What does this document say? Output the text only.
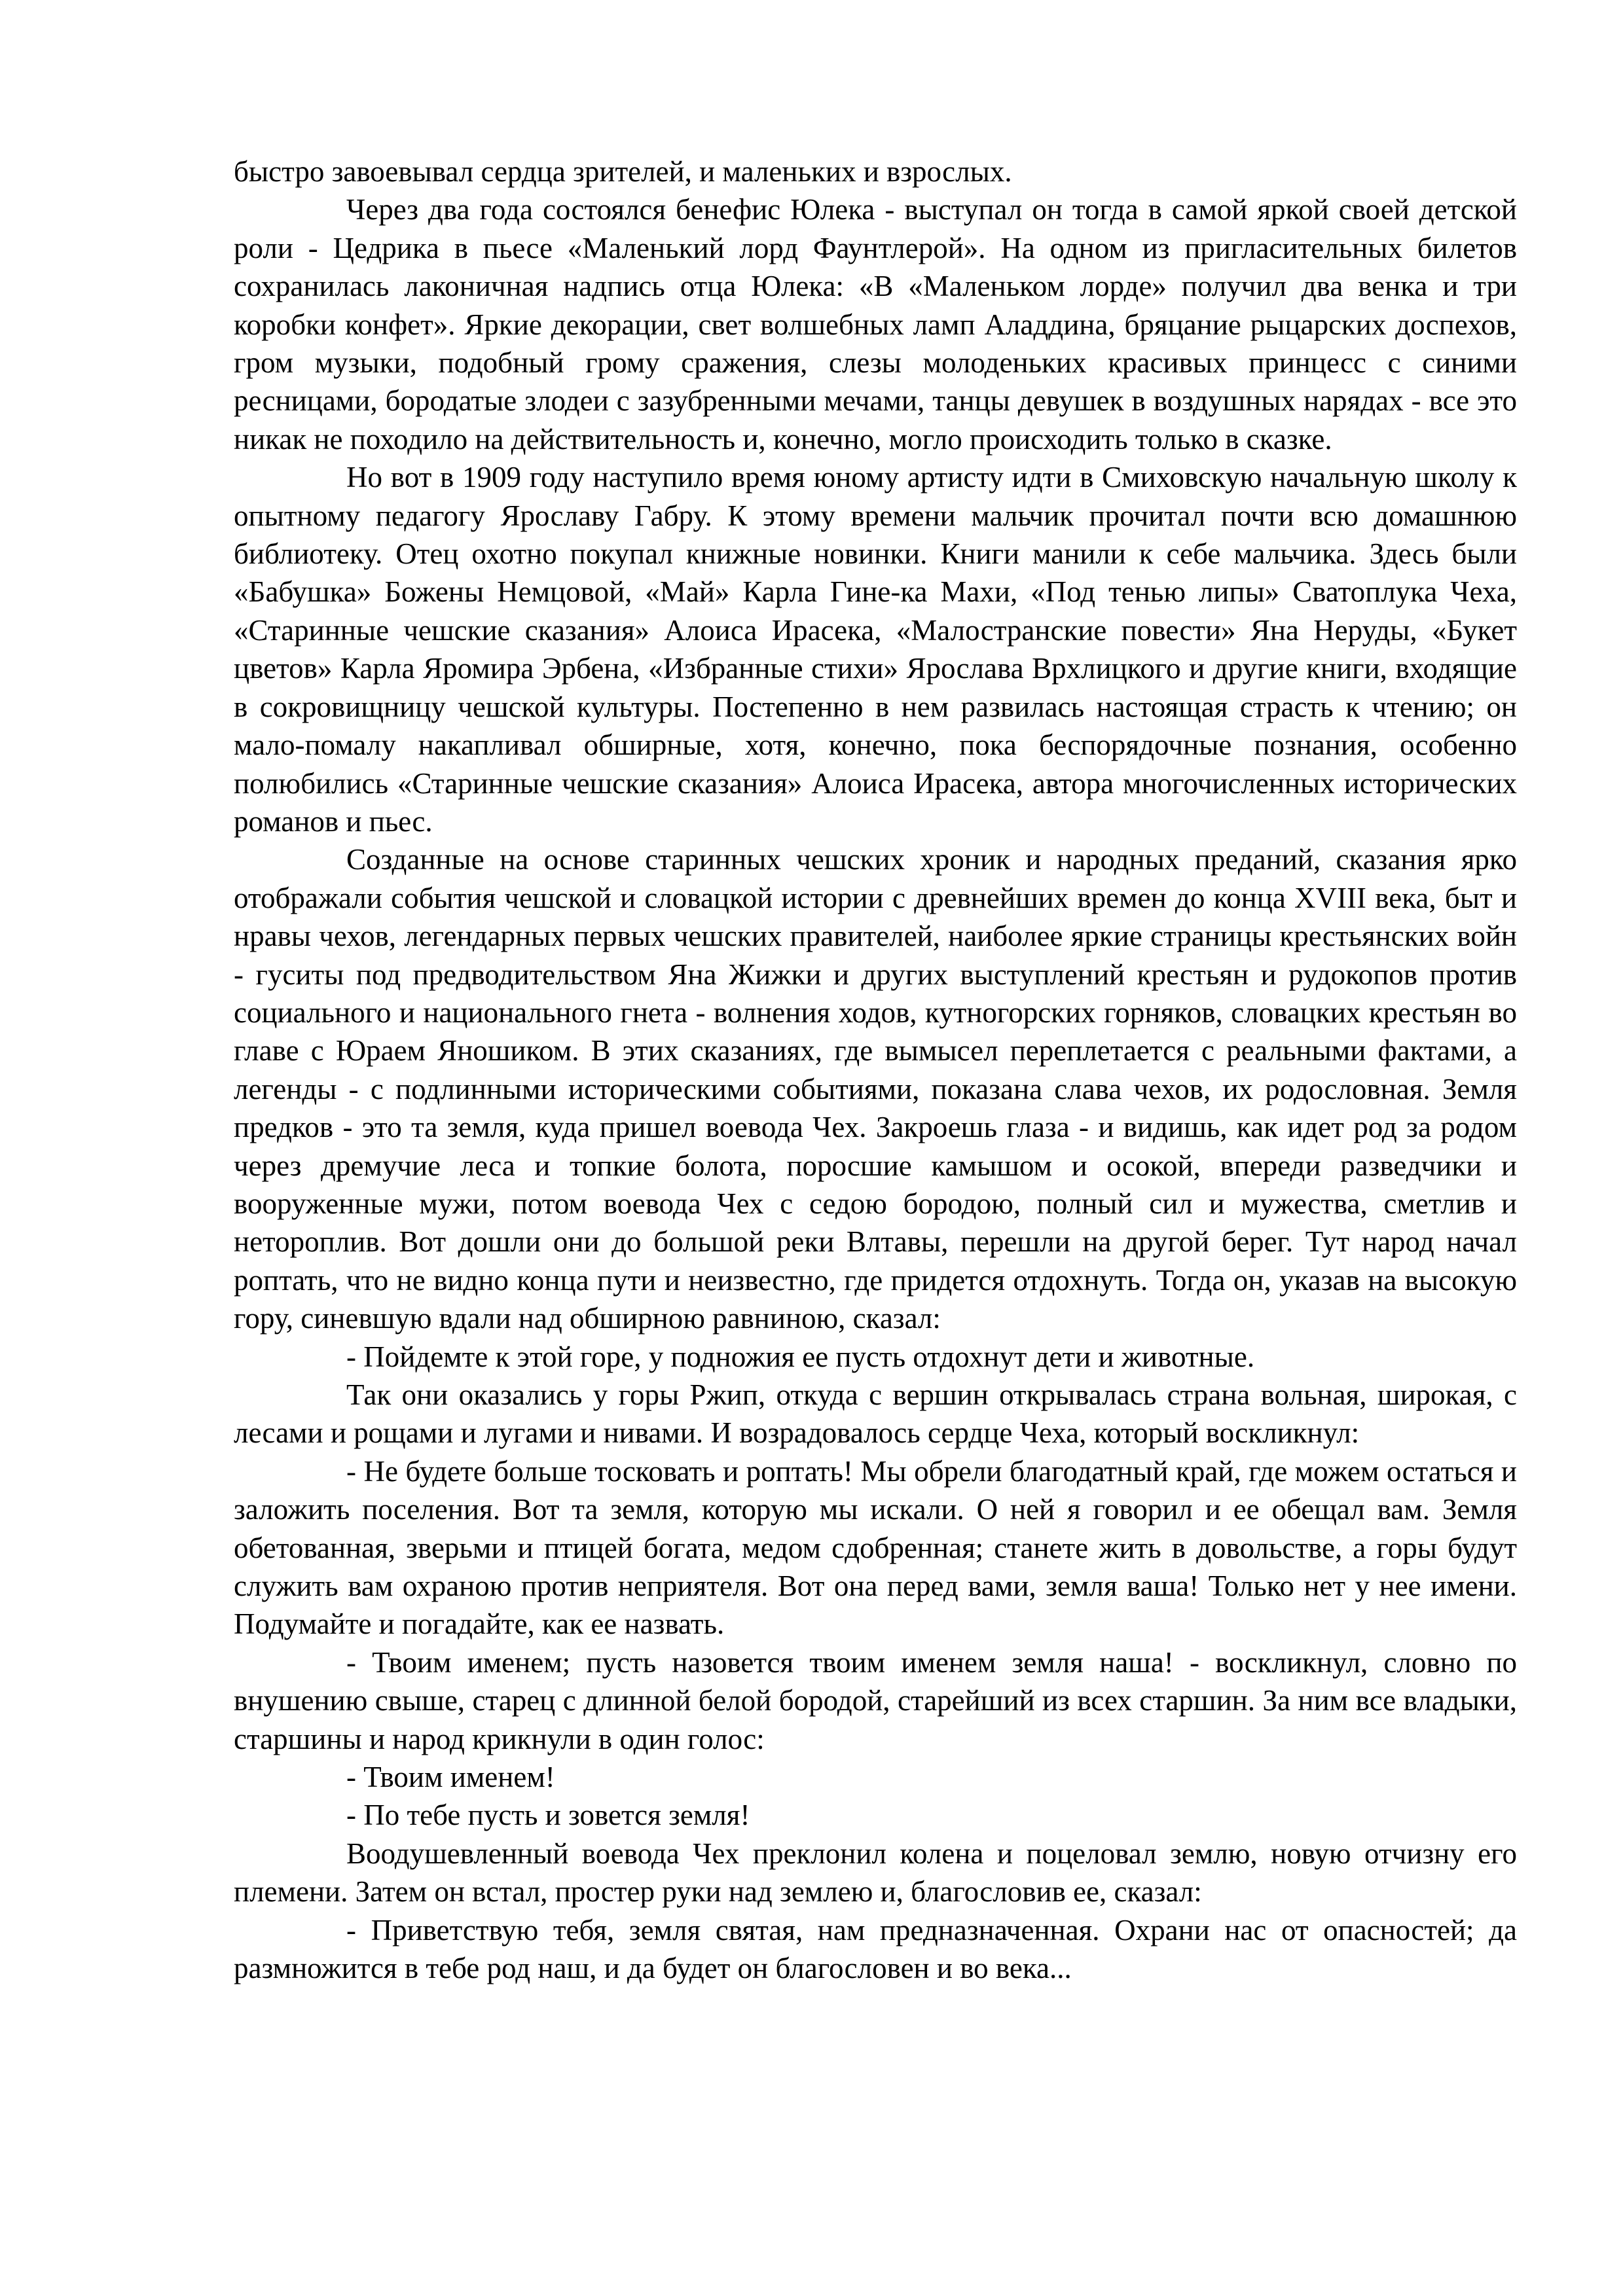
быстро завоевывал сердца зрителей, и маленьких и взрослых.

Через два года состоялся бенефис Юлека - выступал он тогда в самой яркой своей детской роли - Цедрика в пьесе «Маленький лорд Фаунтлерой». На одном из пригласительных билетов сохранилась лаконичная надпись отца Юлека: «В «Маленьком лорде» получил два венка и три коробки конфет». Яркие декорации, свет волшебных ламп Аладдина, бряцание рыцарских доспехов, гром музыки, подобный грому сражения, слезы молоденьких красивых принцесс с синими ресницами, бородатые злодеи с зазубренными мечами, танцы девушек в воздушных нарядах - все это никак не походило на действительность и, конечно, могло происходить только в сказке.

Но вот в 1909 году наступило время юному артисту идти в Смиховскую начальную школу к опытному педагогу Ярославу Габру. К этому времени мальчик прочитал почти всю домашнюю библиотеку. Отец охотно покупал книжные новинки. Книги манили к себе мальчика. Здесь были «Бабушка» Божены Немцовой, «Май» Карла Гине-ка Махи, «Под тенью липы» Сватоплука Чеха, «Старинные чешские сказания» Алоиса Ирасека, «Малостранские повести» Яна Неруды, «Букет цветов» Карла Яромира Эрбена, «Избранные стихи» Ярослава Врхлицкого и другие книги, входящие в сокровищницу чешской культуры. Постепенно в нем развилась настоящая страсть к чтению; он мало-помалу накапливал обширные, хотя, конечно, пока беспорядочные познания, особенно полюбились «Старинные чешские сказания» Алоиса Ирасека, автора многочисленных исторических романов и пьес.

Созданные на основе старинных чешских хроник и народных преданий, сказания ярко отображали события чешской и словацкой истории с древнейших времен до конца XVIII века, быт и нравы чехов, легендарных первых чешских правителей, наиболее яркие страницы крестьянских войн - гуситы под предводительством Яна Жижки и других выступлений крестьян и рудокопов против социального и национального гнета - волнения ходов, кутногорских горняков, словацких крестьян во главе с Юраем Яношиком. В этих сказаниях, где вымысел переплетается с реальными фактами, а легенды - с подлинными историческими событиями, показана слава чехов, их родословная. Земля предков - это та земля, куда пришел воевода Чех. Закроешь глаза - и видишь, как идет род за родом через дремучие леса и топкие болота, поросшие камышом и осокой, впереди разведчики и вооруженные мужи, потом воевода Чех с седою бородою, полный сил и мужества, сметлив и нетороплив. Вот дошли они до большой реки Влтавы, перешли на другой берег. Тут народ начал роптать, что не видно конца пути и неизвестно, где придется отдохнуть. Тогда он, указав на высокую гору, синевшую вдали над обширною равниною, сказал:

- Пойдемте к этой горе, у подножия ее пусть отдохнут дети и животные.

Так они оказались у горы Ржип, откуда с вершин открывалась страна вольная, широкая, с лесами и рощами и лугами и нивами. И возрадовалось сердце Чеха, который воскликнул:

- Не будете больше тосковать и роптать! Мы обрели благодатный край, где можем остаться и заложить поселения. Вот та земля, которую мы искали. О ней я говорил и ее обещал вам. Земля обетованная, зверьми и птицей богата, медом сдобренная; станете жить в довольстве, а горы будут служить вам охраною против неприятеля. Вот она перед вами, земля ваша! Только нет у нее имени. Подумайте и погадайте, как ее назвать.

- Твоим именем; пусть назовется твоим именем земля наша! - воскликнул, словно по внушению свыше, старец с длинной белой бородой, старейший из всех старшин. За ним все владыки, старшины и народ крикнули в один голос:

- Твоим именем!

- По тебе пусть и зовется земля!

Воодушевленный воевода Чех преклонил колена и поцеловал землю, новую отчизну его племени. Затем он встал, простер руки над землею и, благословив ее, сказал:

- Приветствую тебя, земля святая, нам предназначенная. Охрани нас от опасностей; да размножится в тебе род наш, и да будет он благословен и во века...
